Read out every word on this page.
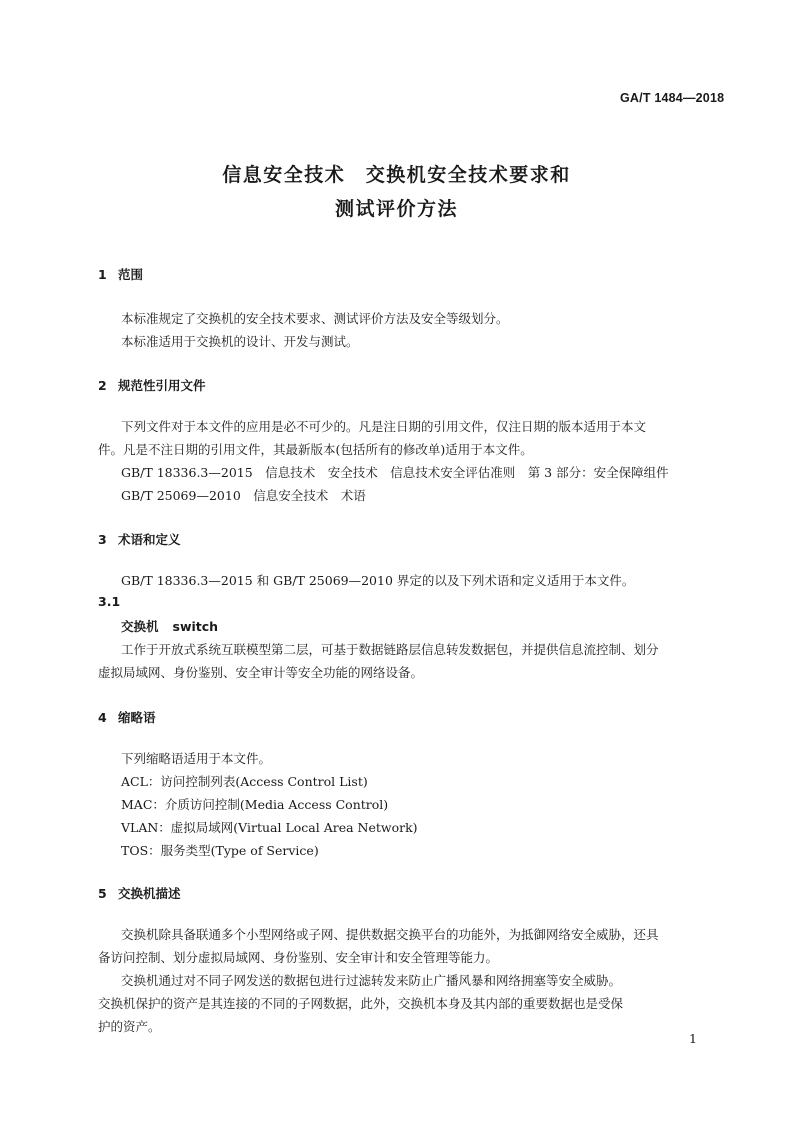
GA/T 1484—2018
信息安全技术　交换机安全技术要求和
测试评价方法
1 范围
本标准规定了交换机的安全技术要求、测试评价方法及安全等级划分。
本标准适用于交换机的设计、开发与测试。
2 规范性引用文件
下列文件对于本文件的应用是必不可少的。凡是注日期的引用文件，仅注日期的版本适用于本文
件。凡是不注日期的引用文件，其最新版本(包括所有的修改单)适用于本文件。
GB/T 18336.3—2015　信息技术　安全技术　信息技术安全评估准则　第 3 部分：安全保障组件
GB/T 25069—2010　信息安全技术　术语
3 术语和定义
GB/T 18336.3—2015 和 GB/T 25069—2010 界定的以及下列术语和定义适用于本文件。
3.1
交换机 switch
工作于开放式系统互联模型第二层，可基于数据链路层信息转发数据包，并提供信息流控制、划分
虚拟局域网、身份鉴别、安全审计等安全功能的网络设备。
4 缩略语
下列缩略语适用于本文件。
ACL：访问控制列表(Access Control List)
MAC：介质访问控制(Media Access Control)
VLAN：虚拟局域网(Virtual Local Area Network)
TOS：服务类型(Type of Service)
5 交换机描述
交换机除具备联通多个小型网络或子网、提供数据交换平台的功能外，为抵御网络安全威胁，还具
备访问控制、划分虚拟局域网、身份鉴别、安全审计和安全管理等能力。
交换机通过对不同子网发送的数据包进行过滤转发来防止广播风暴和网络拥塞等安全威胁。
交换机保护的资产是其连接的不同的子网数据，此外，交换机本身及其内部的重要数据也是受保
护的资产。
1
